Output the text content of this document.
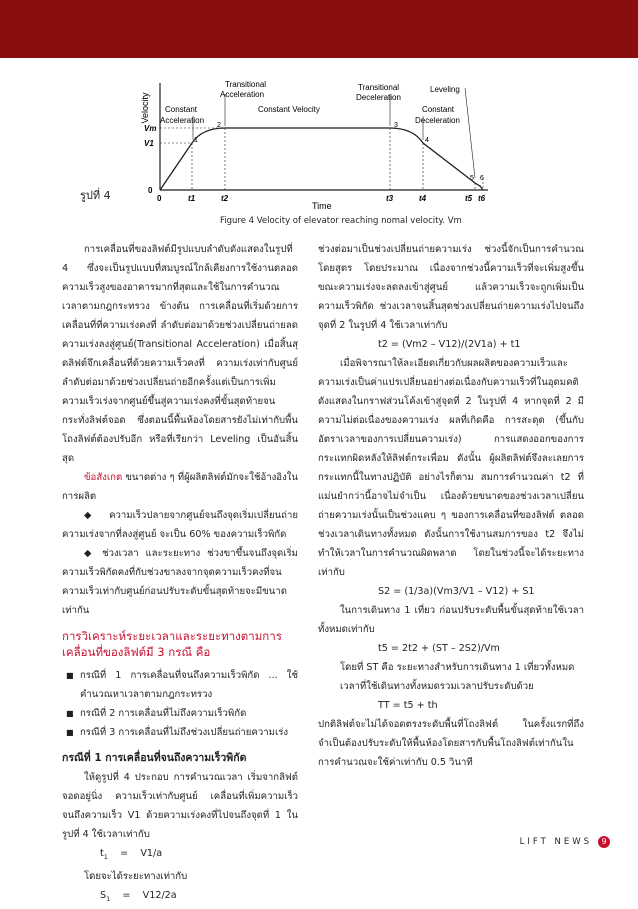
Velocity
Transitional
Acceleration
Constant
Acceleration
Constant Velocity
Transitional
Deceleration
Leveling
Constant
Deceleration
Vm
V1	1
2	3
4
5 6
0
0	t1	t2	t3	t4	t5 t6
Time
รูปที่ 4
Figure 4 Velocity of elevator reaching nomal velocity. Vm

การเคลื่อนที่ของลิฟต์มีรูปแบบลำดับดังแสดงในรูปที่ 4 ซึ่งจะเป็นรูปแบบที่สมบูรณ์ใกล้เคียงการใช้งานตลอดความเร็วสูงของอาคารมากที่สุดและใช้ในการคำนวณเวลาตามกฎกระทรวง ข้างต้น การเคลื่อนที่เริ่มด้วยการเคลื่อนที่ที่ความเร่งคงที่ ลำดับต่อมาด้วยช่วงเปลี่ยนถ่ายลดความเร่งลงสู่ศูนย์(Transitional Acceleration) เมื่อสิ้นสุดลิฟต์จึกเคลื่อนที่ด้วยความเร็วคงที่ ความเร่งเท่ากับศูนย์ ลำดับต่อมาด้วยช่วงเปลี่ยนถ่ายอีกครั้งแต่เป็นการเพิ่มความเร็วเร่งจากศูนย์ขึ้นสู่ความเร่งคงที่ขั้นสุดท้ายจนกระทั่งลิฟต์จอด ซึ่งตอนนี้พื้นห้องโดยสารยังไม่เท่ากับพื้นโถงลิฟต์ต้องปรับอีก หรือที่เรียกว่า Leveling เป็นอันสิ้นสุด

ข้อสังเกต ขนาดต่าง ๆ ที่ผู้ผลิตลิฟต์มักจะใช้อ้างอิงในการผลิต

◆ ความเร็วปลายจากศูนย์จนถึงจุดเริ่มเปลี่ยนถ่ายความเร่งจากที่ลงสู่ศูนย์ จะเป็น 60% ของความเร็วพิกัด

◆ ช่วงเวลา และระยะทาง ช่วงขาขึ้นจนถึงจุดเริ่มความเร็วพิกัดคงที่กับช่วงขาลงจากจุดความเร็วคงที่จนความเร็วเท่ากับศูนย์ก่อนปรับระดับขั้นสุดท้ายจะมีขนาดเท่ากัน

การวิเคราะห์ระยะเวลาและระยะทางตามการเคลื่อนที่ของลิฟต์มี 3 กรณี คือ

■ กรณีที่ 1 การเคลื่อนที่จนถึงความเร็วพิกัด ... ใช้คำนวณหาเวลาตามกฎกระทรวง

■ กรณีที่ 2 การเคลื่อนที่ไม่ถึงความเร็วพิกัด

■ กรณีที่ 3 การเคลื่อนที่ไม่ถึงช่วงเปลี่ยนถ่ายความเร่ง

กรณีที่ 1 การเคลื่อนที่จนถึงความเร็วพิกัด

ให้ดูรูปที่ 4 ประกอบ การคำนวณเวลา เริ่มจากลิฟต์จอดอยู่นิ่ง ความเร็วเท่ากับศูนย์ เคลื่อนที่เพิ่มความเร็วจนถึงความเร็ว V1 ด้วยความเร่งคงที่ไปจนถึงจุดที่ 1 ในรูปที่ 4 ใช้เวลาเท่ากับ

$t_1$    =    V1/a

โดยจะได้ระยะทางเท่ากับ

$S_1$    =    V12/2a

ช่วงต่อมาเป็นช่วงเปลี่ยนถ่ายความเร่ง ช่วงนี้จักเป็นการคำนวณโดยสูตร โดยประมาณ เนื่องจากช่วงนี้ความเร็วที่จะเพิ่มสูงขึ้นขณะความเร่งจะลดลงเข้าสู่ศูนย์ แล้วความเร็วจะถูกเพิ่มเป็นความเร็วพิกัด ช่วงเวลาจนสิ้นสุดช่วงเปลี่ยนถ่ายความเร่งไปจนถึงจุดที่ 2 ในรูปที่ 4 ใช้เวลาเท่ากับ

t2 = (Vm2 – V12)/(2V1a) + t1

เมื่อพิจารณาให้ละเอียดเกี่ยวกับผลผลิตของความเร็วและความเร่งเป็นค่าแปรเปลี่ยนอย่างต่อเนื่องกับความเร็วที่ในอุดมคติ ดังแสดงในกราฟส่วนโค้งเข้าสู่จุดที่ 2 ในรูปที่ 4 หากจุดที่ 2 มีความไม่ต่อเนื่องของความเร่ง ผลที่เกิดคือ การสะดุด (ขึ้นกับอัตราเวลาของการเปลี่ยนความเร่ง) การแสดงออกของการกระแทกผิดหลังให้ลิฟต์กระเพื่อม ดังนั้น ผู้ผลิตลิฟต์จึงละเลยการกระแทกนี้ในทางปฏิบัติ อย่างไรก็ตาม สมการคำนวณค่า t2 ที่แม่นยำกว่านี้อาจไม่จำเป็น เนื่องด้วยขนาดของช่วงเวลาเปลี่ยนถ่ายความเร่งนั้นเป็นช่วงแคบ ๆ ของการเคลื่อนที่ของลิฟต์ ตลอดช่วงเวลาเดินทางทั้งหมด ดังนั้นการใช้งานสมการของ t2 จึงไม่ทำให้เวลาในการคำนวณผิดพลาด โดยในช่วงนี้จะได้ระยะทางเท่ากับ

S2 = (1/3a)(Vm3/V1 – V12) + S1

ในการเดินทาง 1 เที่ยว ก่อนปรับระดับพื้นขั้นสุดท้ายใช้เวลาทั้งหมดเท่ากับ

t5 = 2t2 + (ST – 2S2)/Vm

โดยที่ ST คือ ระยะทางสำหรับการเดินทาง 1 เที่ยวทั้งหมด

เวลาที่ใช้เดินทางทั้งหมดรวมเวลาปรับระดับด้วย

TT = t5 + th

ปกติลิฟต์จะไม่ได้จอดตรงระดับพื้นที่โถงลิฟต์ ในครั้งแรกที่ถึงจำเป็นต้องปรับระดับให้พื้นห้องโดยสารกับพื้นโถงลิฟต์เท่ากันในการคำนวณจะใช้ค่าเท่ากับ 0.5 วินาที

LIFT NEWS	9
